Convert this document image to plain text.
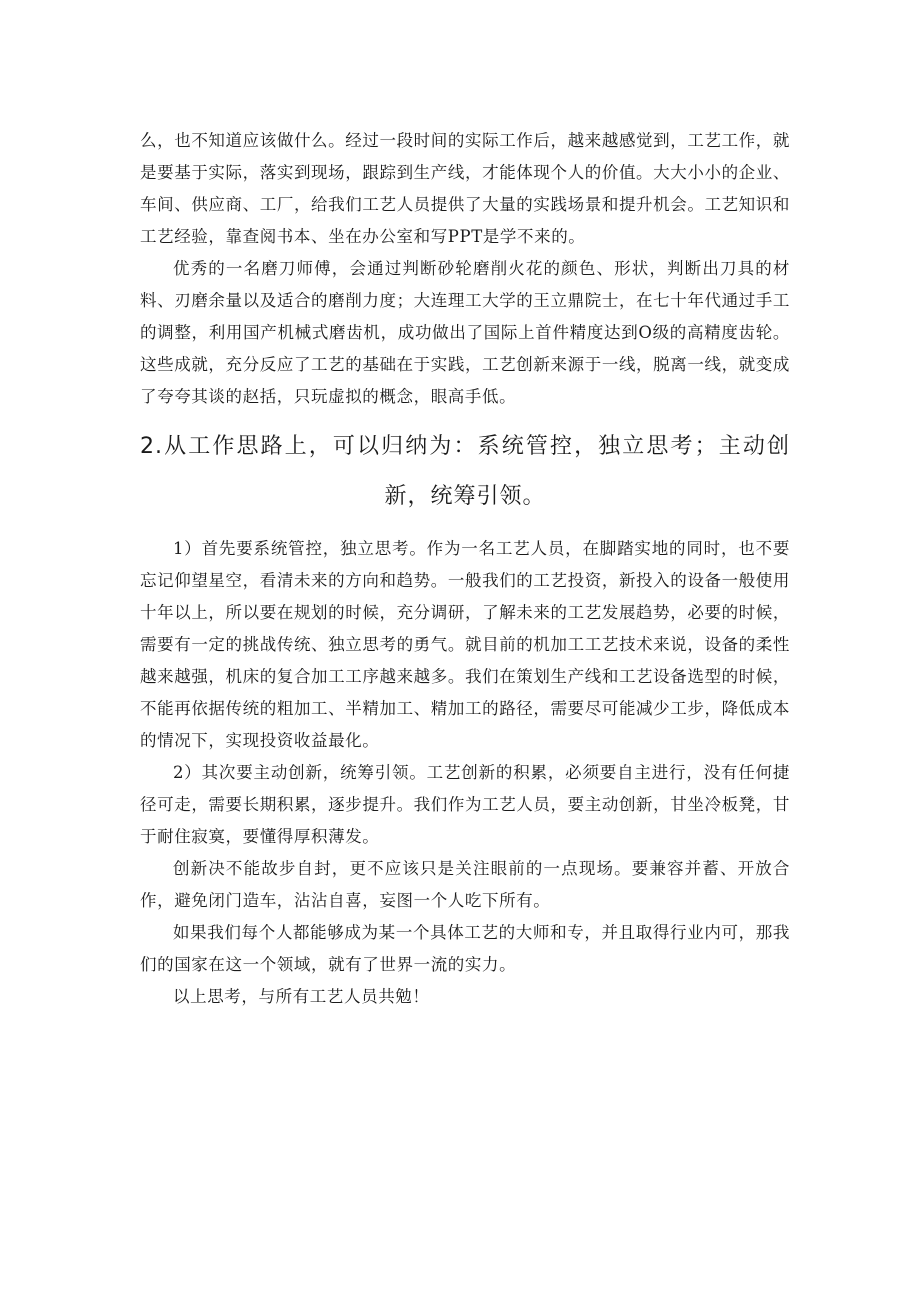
么，也不知道应该做什么。经过一段时间的实际工作后，越来越感觉到，工艺工作，就是要基于实际，落实到现场，跟踪到生产线，才能体现个人的价值。大大小小的企业、车间、供应商、工厂，给我们工艺人员提供了大量的实践场景和提升机会。工艺知识和工艺经验，靠查阅书本、坐在办公室和写PPT是学不来的。

优秀的一名磨刀师傅，会通过判断砂轮磨削火花的颜色、形状，判断出刀具的材料、刃磨余量以及适合的磨削力度；大连理工大学的王立鼎院士，在七十年代通过手工的调整，利用国产机械式磨齿机，成功做出了国际上首件精度达到O级的高精度齿轮。这些成就，充分反应了工艺的基础在于实践，工艺创新来源于一线，脱离一线，就变成了夸夸其谈的赵括，只玩虚拟的概念，眼高手低。

2.从工作思路上，可以归纳为：系统管控，独立思考；主动创
新，统筹引领。

1）首先要系统管控，独立思考。作为一名工艺人员，在脚踏实地的同时，也不要忘记仰望星空，看清未来的方向和趋势。一般我们的工艺投资，新投入的设备一般使用十年以上，所以要在规划的时候，充分调研，了解未来的工艺发展趋势，必要的时候，需要有一定的挑战传统、独立思考的勇气。就目前的机加工工艺技术来说，设备的柔性越来越强，机床的复合加工工序越来越多。我们在策划生产线和工艺设备选型的时候，不能再依据传统的粗加工、半精加工、精加工的路径，需要尽可能减少工步，降低成本的情况下，实现投资收益最化。

2）其次要主动创新，统筹引领。工艺创新的积累，必须要自主进行，没有任何捷径可走，需要长期积累，逐步提升。我们作为工艺人员，要主动创新，甘坐冷板凳，甘于耐住寂寞，要懂得厚积薄发。

创新决不能故步自封，更不应该只是关注眼前的一点现场。要兼容并蓄、开放合作，避免闭门造车，沾沾自喜，妄图一个人吃下所有。

如果我们每个人都能够成为某一个具体工艺的大师和专，并且取得行业内可，那我们的国家在这一个领域，就有了世界一流的实力。

以上思考，与所有工艺人员共勉！
